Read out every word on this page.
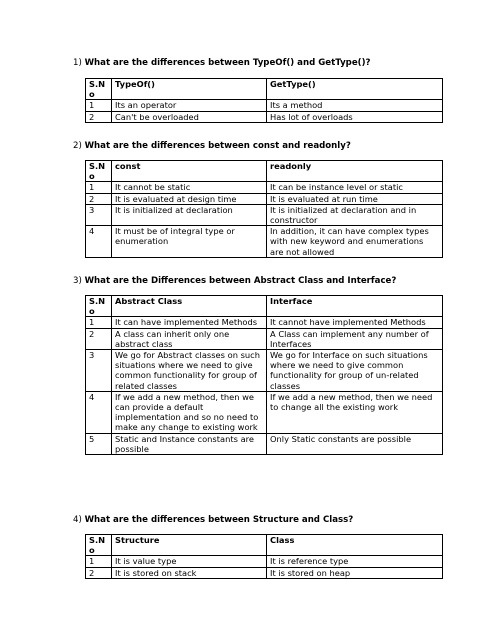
1) What are the differences between TypeOf() and GetType()?
S.N o	TypeOf()	GetType()
1	Its an operator	Its a method
2	Can't be overloaded	Has lot of overloads
2) What are the differences between const and readonly?
S.N o	const	readonly
1	It cannot be static	It can be instance level or static
2	It is evaluated at design time	It is evaluated at run time
3	It is initialized at declaration	It is initialized at declaration and in constructor
4	It must be of integral type or enumeration	In addition, it can have complex types with new keyword and enumerations are not allowed
3) What are the Differences between Abstract Class and Interface?
S.N o	Abstract Class	Interface
1	It can have implemented Methods	It cannot have implemented Methods
2	A class can inherit only one abstract class	A Class can implement any number of Interfaces
3	We go for Abstract classes on such situations where we need to give common functionality for group of related classes	We go for Interface on such situations where we need to give common functionality for group of un-related classes
4	If we add a new method, then we can provide a default implementation and so no need to make any change to existing work	If we add a new method, then we need to change all the existing work
5	Static and Instance constants are possible	Only Static constants are possible
4) What are the differences between Structure and Class?
S.N o	Structure	Class
1	It is value type	It is reference type
2	It is stored on stack	It is stored on heap
